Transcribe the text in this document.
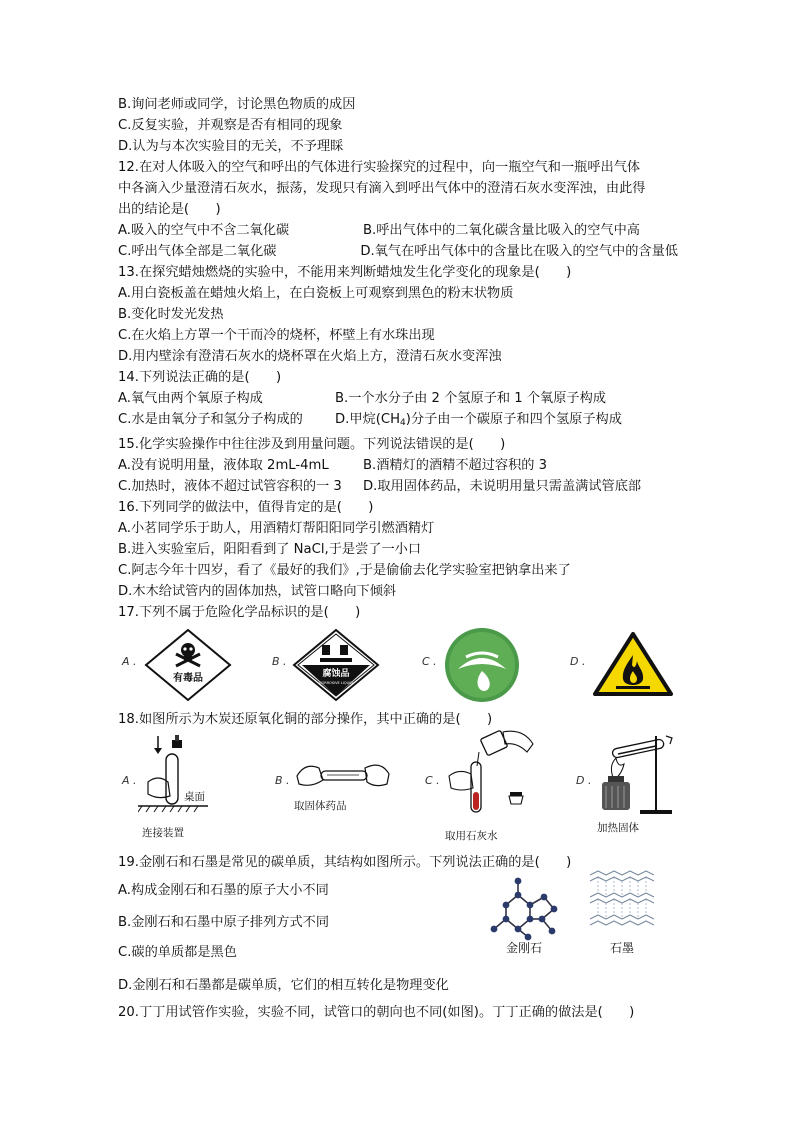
B.询问老师或同学，讨论黑色物质的成因
C.反复实验，并观察是否有相同的现象
D.认为与本次实验目的无关，不予理睬
12.在对人体吸入的空气和呼出的气体进行实验探究的过程中，向一瓶空气和一瓶呼出气体
中各滴入少量澄清石灰水，振荡，发现只有滴入到呼出气体中的澄清石灰水变浑浊，由此得
出的结论是(　　)
A.吸入的空气中不含二氧化碳	B.呼出气体中的二氧化碳含量比吸入的空气中高
C.呼出气体全部是二氧化碳	D.氧气在呼出气体中的含量比在吸入的空气中的含量低
13.在探究蜡烛燃烧的实验中，不能用来判断蜡烛发生化学变化的现象是(　　)
A.用白瓷板盖在蜡烛火焰上，在白瓷板上可观察到黑色的粉末状物质
B.变化时发光发热
C.在火焰上方罩一个干而冷的烧杯，杯壁上有水珠出现
D.用内壁涂有澄清石灰水的烧杯罩在火焰上方，澄清石灰水变浑浊
14.下列说法正确的是(　　)
A.氧气由两个氧原子构成	B.一个水分子由 2 个氢原子和 1 个氧原子构成
C.水是由氧分子和氢分子构成的	D.甲烷$(CH_4)$分子由一个碳原子和四个氢原子构成
15.化学实验操作中往往涉及到用量问题。下列说法错误的是(　　)
A.没有说明用量，液体取 2mL-4mL	B.酒精灯的酒精不超过容积的 3
C.加热时，液体不超过试管容积的一 3	D.取用固体药品，未说明用量只需盖满试管底部
16.下列同学的做法中，值得肯定的是(　　)
A.小茗同学乐于助人，用酒精灯帮阳阳同学引燃酒精灯
B.进入实验室后，阳阳看到了 NaCl,于是尝了一小口
C.阿志今年十四岁，看了《最好的我们》,于是偷偷去化学实验室把钠拿出来了
D.木木给试管内的固体加热，试管口略向下倾斜
17.下列不属于危险化学品标识的是(　　)
A .
有毒品
B .
腐蚀品
CORROSIVE LIQUID
C .	D .
18.如图所示为木炭还原氧化铜的部分操作，其中正确的是(　　)
A .
桌面
连接装置
B .
取固体药品
C .
取用石灰水
D .
加热固体
19.金刚石和石墨是常见的碳单质，其结构如图所示。下列说法正确的是(　　)
A.构成金刚石和石墨的原子大小不同
B.金刚石和石墨中原子排列方式不同
C.碳的单质都是黑色
D.金刚石和石墨都是碳单质，它们的相互转化是物理变化
金刚石	石墨
20.丁丁用试管作实验，实验不同，试管口的朝向也不同(如图)。丁丁正确的做法是(　　)
